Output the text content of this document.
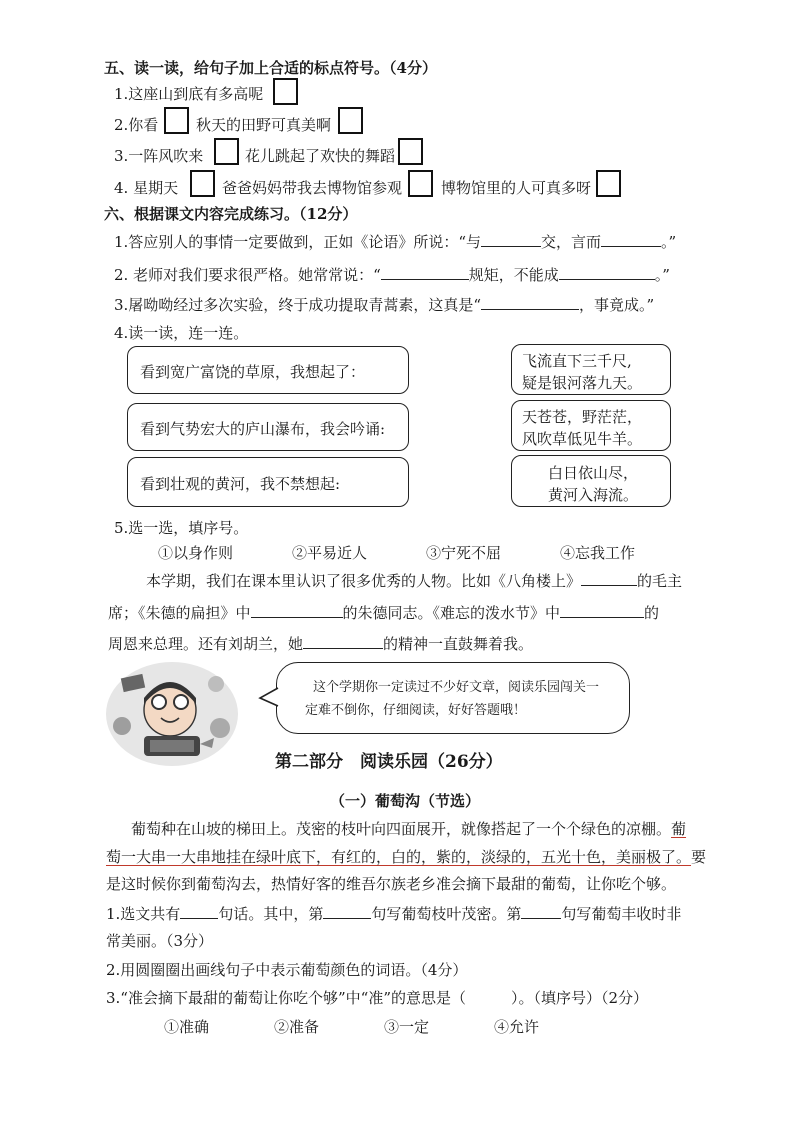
五、读一读，给句子加上合适的标点符号。（4分）
1.这座山到底有多高呢
2.你看	秋天的田野可真美啊
3.一阵风吹来	花儿跳起了欢快的舞蹈
4. 星期天	爸爸妈妈带我去博物馆参观	博物馆里的人可真多呀
六、根据课文内容完成练习。（12分）
1.答应别人的事情一定要做到，正如《论语》所说：“与	交，言而	。”
2. 老师对我们要求很严格。她常常说：“	规矩，不能成	。”
3.屠呦呦经过多次实验，终于成功提取青蒿素，这真是“	，事竟成。”
4.读一读，连一连。
看到宽广富饶的草原，我想起了：
看到气势宏大的庐山瀑布，我会吟诵:
看到壮观的黄河，我不禁想起:
飞流直下三千尺,
疑是银河落九天。
天苍苍，野茫茫，
风吹草低见牛羊。
白日依山尽，
黄河入海流。
5.选一选，填序号。
①以身作则	②平易近人	③宁死不屈	④忘我工作
本学期，我们在课本里认识了很多优秀的人物。比如《八角楼上》	的毛主
席；《朱德的扁担》中	的朱德同志。《难忘的泼水节》中	的
周恩来总理。还有刘胡兰，她	的精神一直鼓舞着我。
这个学期你一定读过不少好文章，阅读乐园闯关一
定难不倒你，仔细阅读，好好答题哦！
第二部分　阅读乐园（26分）
（一）葡萄沟（节选）
葡萄种在山坡的梯田上。茂密的枝叶向四面展开，就像搭起了一个个绿色的凉棚。葡
萄一大串一大串地挂在绿叶底下，有红的，白的，紫的，淡绿的，五光十色，美丽极了。要
是这时候你到葡萄沟去，热情好客的维吾尔族老乡准会摘下最甜的葡萄，让你吃个够。
1.选文共有	句话。其中，第	句写葡萄枝叶茂密。第	句写葡萄丰收时非
常美丽。（3分）
2.用圆圈圈出画线句子中表示葡萄颜色的词语。（4分）
3.“准会摘下最甜的葡萄让你吃个够”中“准”的意思是（　　　）。（填序号）（2分）
①准确	②准备	③一定	④允许
